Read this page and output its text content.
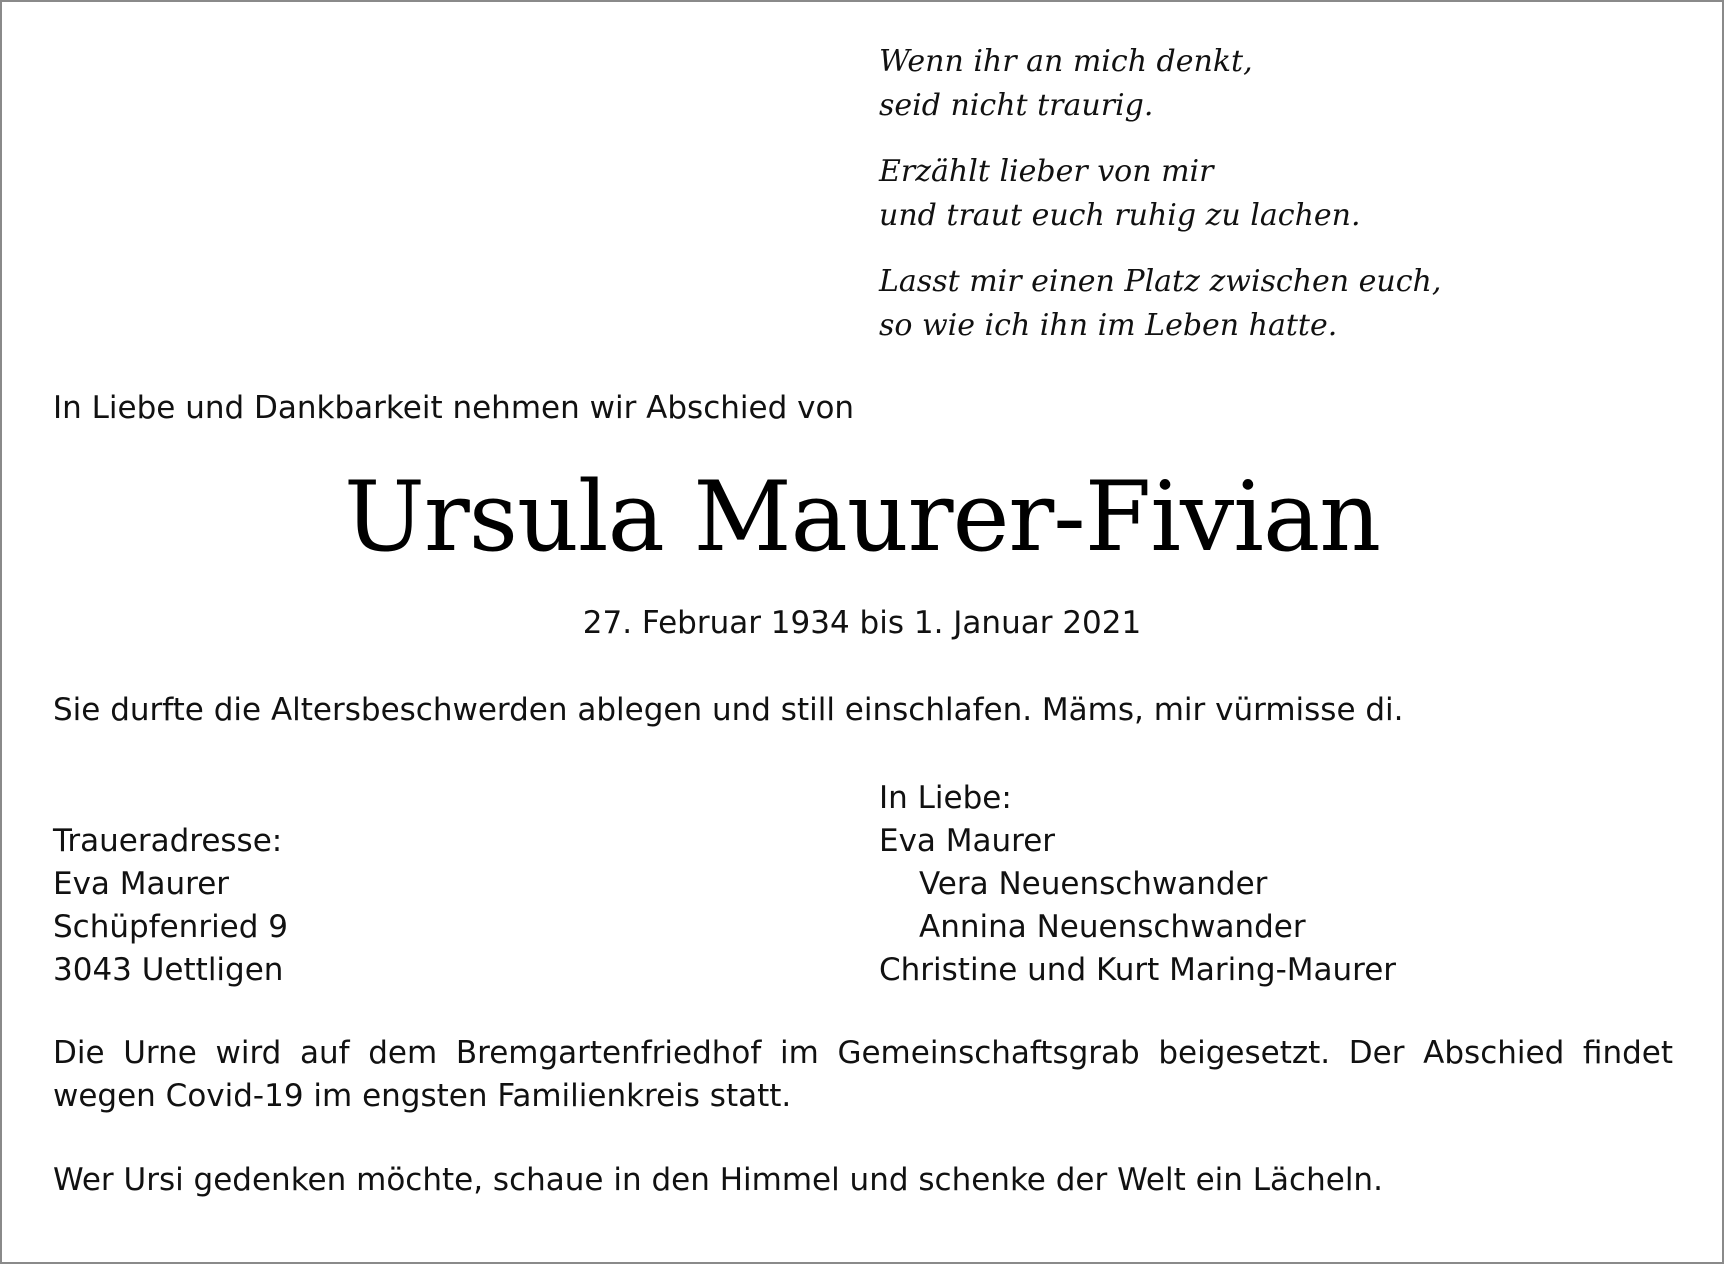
Wenn ihr an mich denkt,
seid nicht traurig.
Erzählt lieber von mir
und traut euch ruhig zu lachen.
Lasst mir einen Platz zwischen euch,
so wie ich ihn im Leben hatte.
In Liebe und Dankbarkeit nehmen wir Abschied von
Ursula Maurer-Fivian
27. Februar 1934 bis 1. Januar 2021
Sie durfte die Altersbeschwerden ablegen und still einschlafen. Mäms, mir vürmisse di.
Traueradresse:
Eva Maurer
Schüpfenried 9
3043 Uettligen
In Liebe:
Eva Maurer
Vera Neuenschwander
Annina Neuenschwander
Christine und Kurt Maring-Maurer
Die Urne wird auf dem Bremgartenfriedhof im Gemeinschaftsgrab beigesetzt. Der Abschied findet wegen Covid-19 im engsten Familienkreis statt.
Wer Ursi gedenken möchte, schaue in den Himmel und schenke der Welt ein Lächeln.
